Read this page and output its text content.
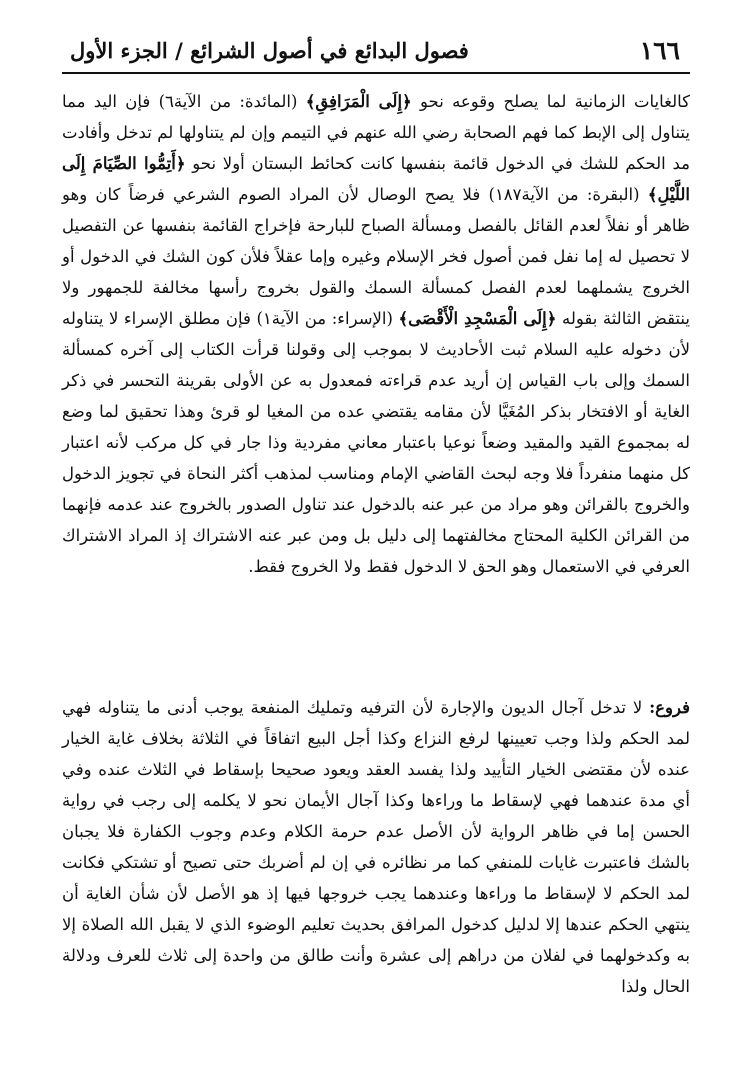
١٦٦
فصول البدائع في أصول الشرائع / الجزء الأول

كالغايات الزمانية لما يصلح وقوعه نحو ﴿إِلَى الْمَرَافِقِ﴾ (المائدة: من الآية٦) فإن اليد مما يتناول إلى الإبط كما فهم الصحابة رضي الله عنهم في التيمم وإن لم يتناولها لم تدخل وأفادت مد الحكم للشك في الدخول قائمة بنفسها كانت كحائط البستان أولا نحو ﴿أَتِمُّوا الصِّيَامَ إِلَى اللَّيْلِ﴾ (البقرة: من الآية١٨٧) فلا يصح الوصال لأن المراد الصوم الشرعي فرضاً كان وهو ظاهر أو نفلاً لعدم القائل بالفصل ومسألة الصباح للبارحة فإخراج القائمة بنفسها عن التفصيل لا تحصيل له إما نفل فمن أصول فخر الإسلام وغيره وإما عقلاً فلأن كون الشك في الدخول أو الخروج يشملهما لعدم الفصل كمسألة السمك والقول بخروج رأسها مخالفة للجمهور ولا ينتقض الثالثة بقوله ﴿إِلَى الْمَسْجِدِ الْأَقْصَى﴾ (الإسراء: من الآية١) فإن مطلق الإسراء لا يتناوله لأن دخوله عليه السلام ثبت الأحاديث لا بموجب إلى وقولنا قرأت الكتاب إلى آخره كمسألة السمك وإلى باب القياس إن أريد عدم قراءته فمعدول به عن الأولى بقرينة التحسر في ذكر الغاية أو الافتخار بذكر المُغَيَّا لأن مقامه يقتضي عده من المغيا لو قرئ وهذا تحقيق لما وضع له بمجموع القيد والمقيد وضعاً نوعيا باعتبار معاني مفردية وذا جار في كل مركب لأنه اعتبار كل منهما منفرداً فلا وجه لبحث القاضي الإمام ومناسب لمذهب أكثر النحاة في تجويز الدخول والخروج بالقرائن وهو مراد من عبر عنه بالدخول عند تناول الصدور بالخروج عند عدمه فإنهما من القرائن الكلية المحتاج مخالفتهما إلى دليل بل ومن عبر عنه الاشتراك إذ المراد الاشتراك العرفي في الاستعمال وهو الحق لا الدخول فقط ولا الخروج فقط.

فروع: لا تدخل آجال الديون والإجارة لأن الترفيه وتمليك المنفعة يوجب أدنى ما يتناوله فهي لمد الحكم ولذا وجب تعيينها لرفع النزاع وكذا أجل البيع اتفاقاً في الثلاثة بخلاف غاية الخيار عنده لأن مقتضى الخيار التأييد ولذا يفسد العقد ويعود صحيحا بإسقاط في الثلاث عنده وفي أي مدة عندهما فهي لإسقاط ما وراءها وكذا آجال الأيمان نحو لا يكلمه إلى رجب في رواية الحسن إما في ظاهر الرواية لأن الأصل عدم حرمة الكلام وعدم وجوب الكفارة فلا يجبان بالشك فاعتبرت غايات للمنفي كما مر نظائره في إن لم أضربك حتى تصيح أو تشتكي فكانت لمد الحكم لا لإسقاط ما وراءها وعندهما يجب خروجها فيها إذ هو الأصل لأن شأن الغاية أن ينتهي الحكم عندها إلا لدليل كدخول المرافق بحديث تعليم الوضوء الذي لا يقبل الله الصلاة إلا به وكدخولهما في لفلان من دراهم إلى عشرة وأنت طالق من واحدة إلى ثلاث للعرف ودلالة الحال ولذا
